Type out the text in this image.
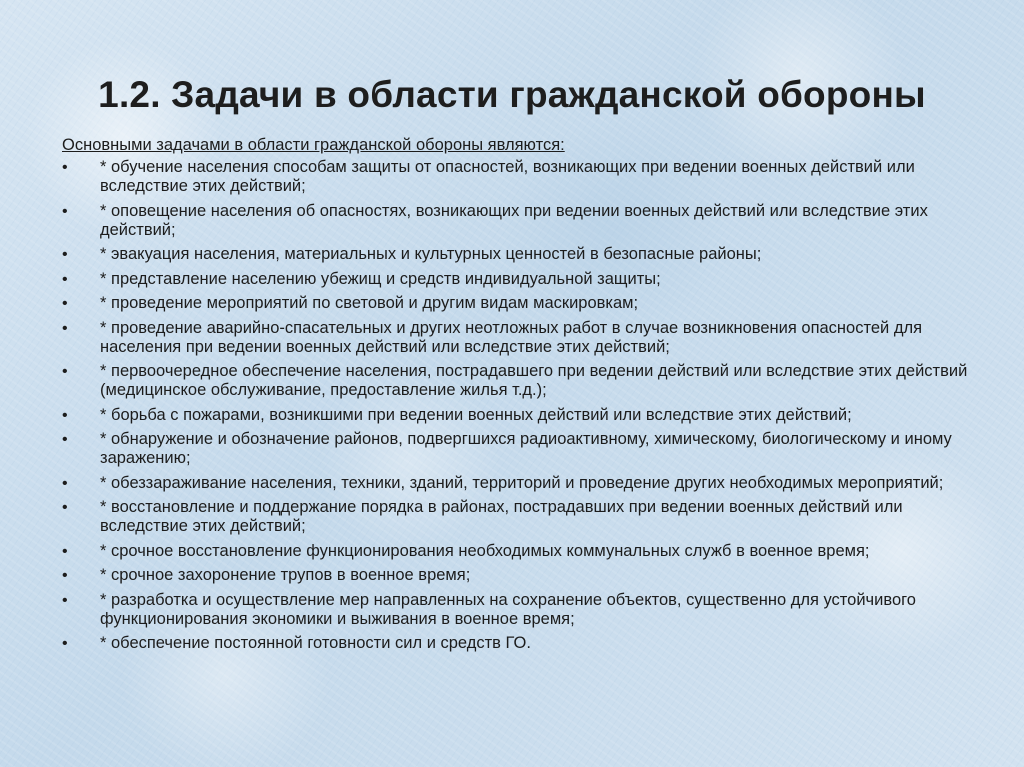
1.2. Задачи в области гражданской обороны

Основными задачами в области гражданской обороны являются:

•	* обучение населения способам защиты от опасностей, возникающих при ведении военных действий или вследствие этих действий;
•	* оповещение населения об опасностях, возникающих при ведении военных действий или вследствие этих действий;
•	* эвакуация населения, материальных и культурных ценностей в безопасные районы;
•	* представление населению убежищ и средств индивидуальной защиты;
•	* проведение мероприятий по световой и другим видам маскировкам;
•	* проведение аварийно-спасательных и других неотложных работ в случае возникновения опасностей для населения при ведении военных действий или вследствие этих действий;
•	* первоочередное обеспечение населения, пострадавшего при ведении действий или вследствие этих действий (медицинское обслуживание, предоставление жилья т.д.);
•	* борьба с пожарами, возникшими при ведении военных действий или вследствие этих действий;
•	* обнаружение и обозначение районов, подвергшихся радиоактивному, химическому, биологическому и иному заражению;
•	* обеззараживание населения, техники, зданий, территорий и проведение других необходимых мероприятий;
•	* восстановление и поддержание порядка в районах, пострадавших при ведении военных действий или вследствие этих действий;
•	* срочное восстановление функционирования необходимых коммунальных служб в военное время;
•	* срочное захоронение трупов в военное время;
•	* разработка и осуществление мер направленных на сохранение объектов, существенно для устойчивого функционирования экономики и выживания в военное время;
•	* обеспечение постоянной готовности сил и средств ГО.
